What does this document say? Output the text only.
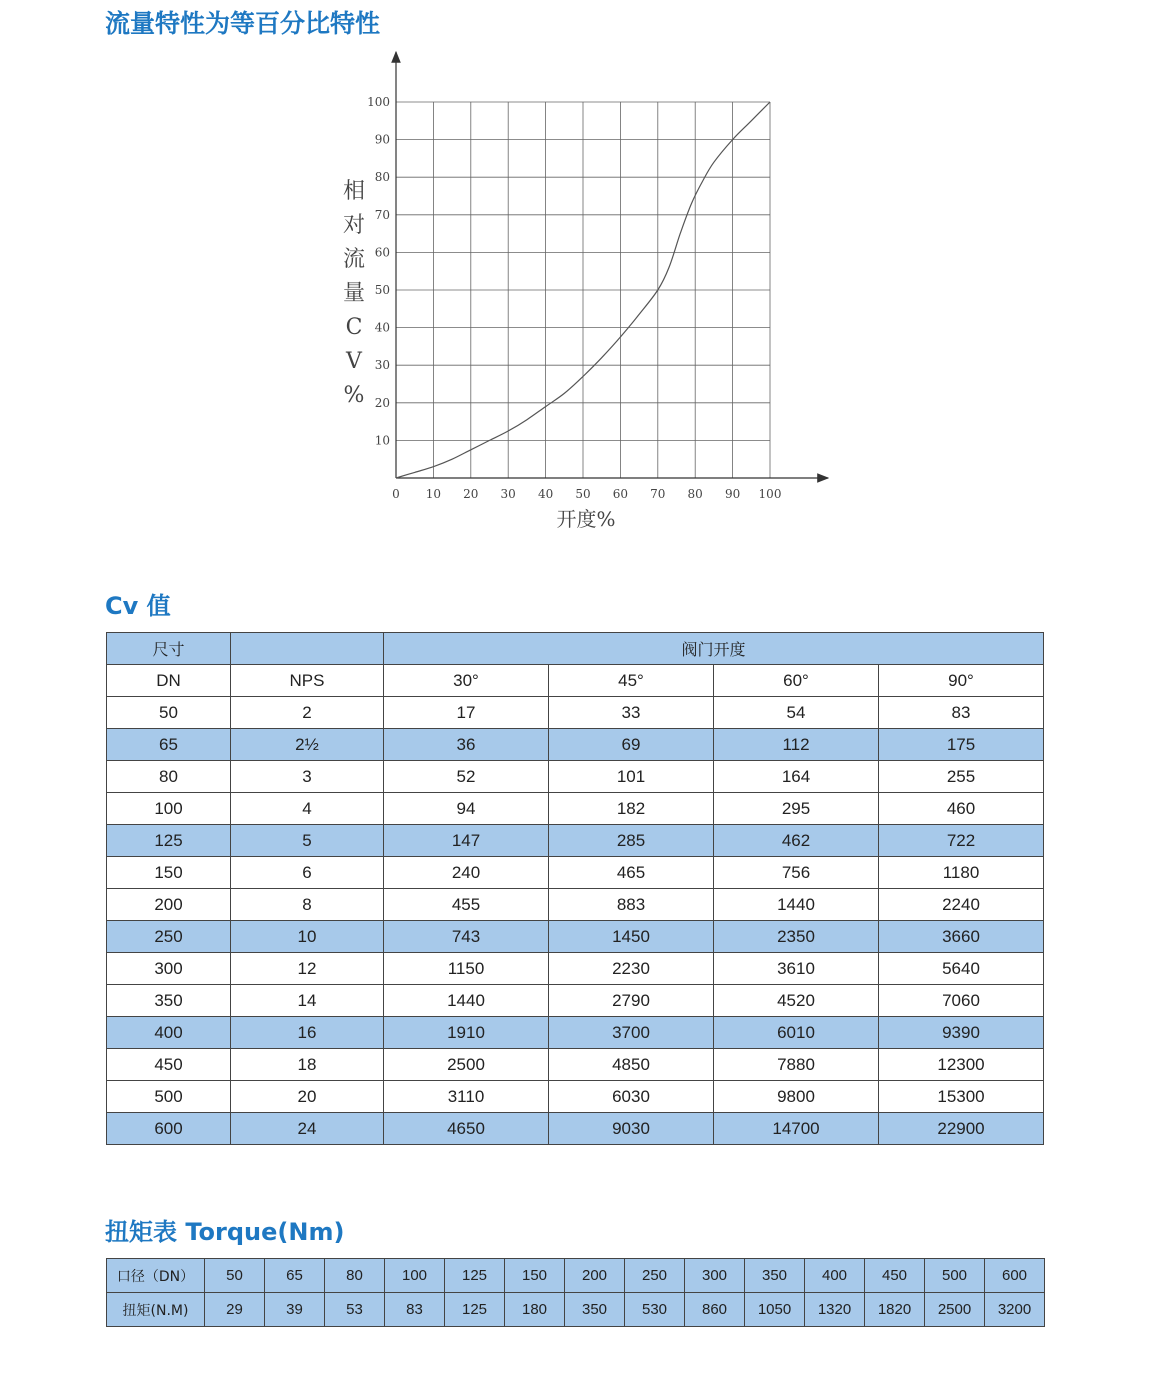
流量特性为等百分比特性
0 10 20 30 40 50 60 70 80 90 100
10
20
30
40
50
60
70
80
90
100
相
对
流
量
C
V
%
开度%
Cv 值
尺寸		阀门开度			
DN	NPS	30°	45°	60°	90°
50	2	17	33	54	83
65	2½	36	69	112	175
80	3	52	101	164	255
100	4	94	182	295	460
125	5	147	285	462	722
150	6	240	465	756	1180
200	8	455	883	1440	2240
250	10	743	1450	2350	3660
300	12	1150	2230	3610	5640
350	14	1440	2790	4520	7060
400	16	1910	3700	6010	9390
450	18	2500	4850	7880	12300
500	20	3110	6030	9800	15300
600	24	4650	9030	14700	22900
扭矩表 Torque(Nm)
口径（DN）	50	65	80	100	125	150	200	250	300	350	400	450	500	600
扭矩(N.M)	29	39	53	83	125	180	350	530	860	1050	1320	1820	2500	3200
